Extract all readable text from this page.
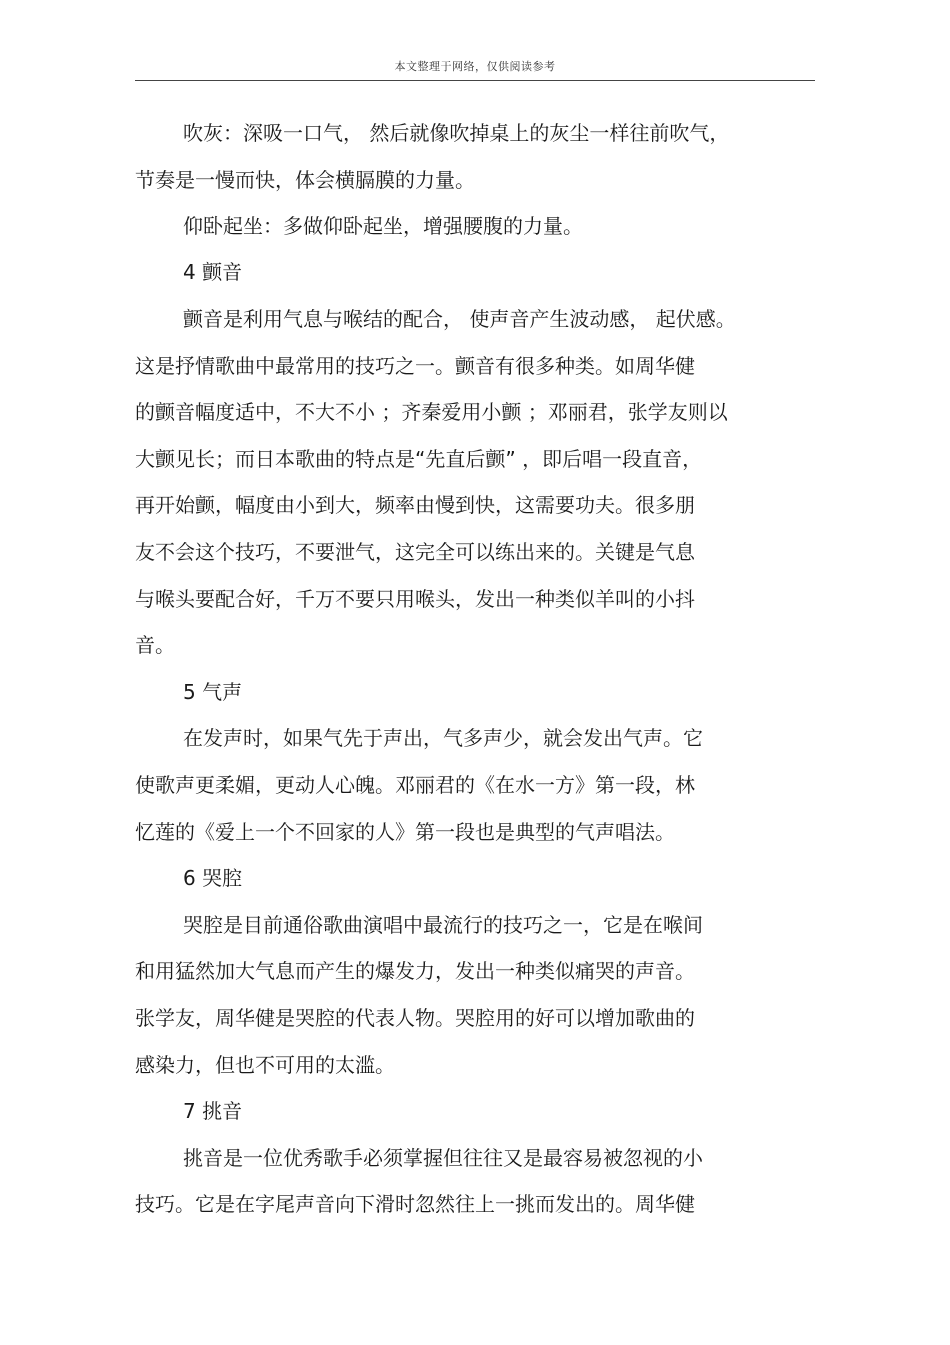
本文整理于网络，仅供阅读参考
吹灰：深吸一口气， 然后就像吹掉桌上的灰尘一样往前吹气，
节奏是一慢而快，体会横膈膜的力量。
仰卧起坐：多做仰卧起坐，增强腰腹的力量。
4 颤音
颤音是利用气息与喉结的配合， 使声音产生波动感， 起伏感。
这是抒情歌曲中最常用的技巧之一。颤音有很多种类。如周华健
的颤音幅度适中，不大不小 ；齐秦爱用小颤 ；邓丽君，张学友则以
大颤见长；而日本歌曲的特点是“先直后颤” ，即后唱一段直音，
再开始颤，幅度由小到大，频率由慢到快，这需要功夫。很多朋
友不会这个技巧，不要泄气，这完全可以练出来的。关键是气息
与喉头要配合好，千万不要只用喉头，发出一种类似羊叫的小抖
音。
5 气声
在发声时，如果气先于声出，气多声少，就会发出气声。它
使歌声更柔媚，更动人心魄。邓丽君的《在水一方》第一段，林
忆莲的《爱上一个不回家的人》第一段也是典型的气声唱法。
6 哭腔
哭腔是目前通俗歌曲演唱中最流行的技巧之一，它是在喉间
和用猛然加大气息而产生的爆发力，发出一种类似痛哭的声音。
张学友，周华健是哭腔的代表人物。哭腔用的好可以增加歌曲的
感染力，但也不可用的太滥。
7 挑音
挑音是一位优秀歌手必须掌握但往往又是最容易被忽视的小
技巧。它是在字尾声音向下滑时忽然往上一挑而发出的。周华健
